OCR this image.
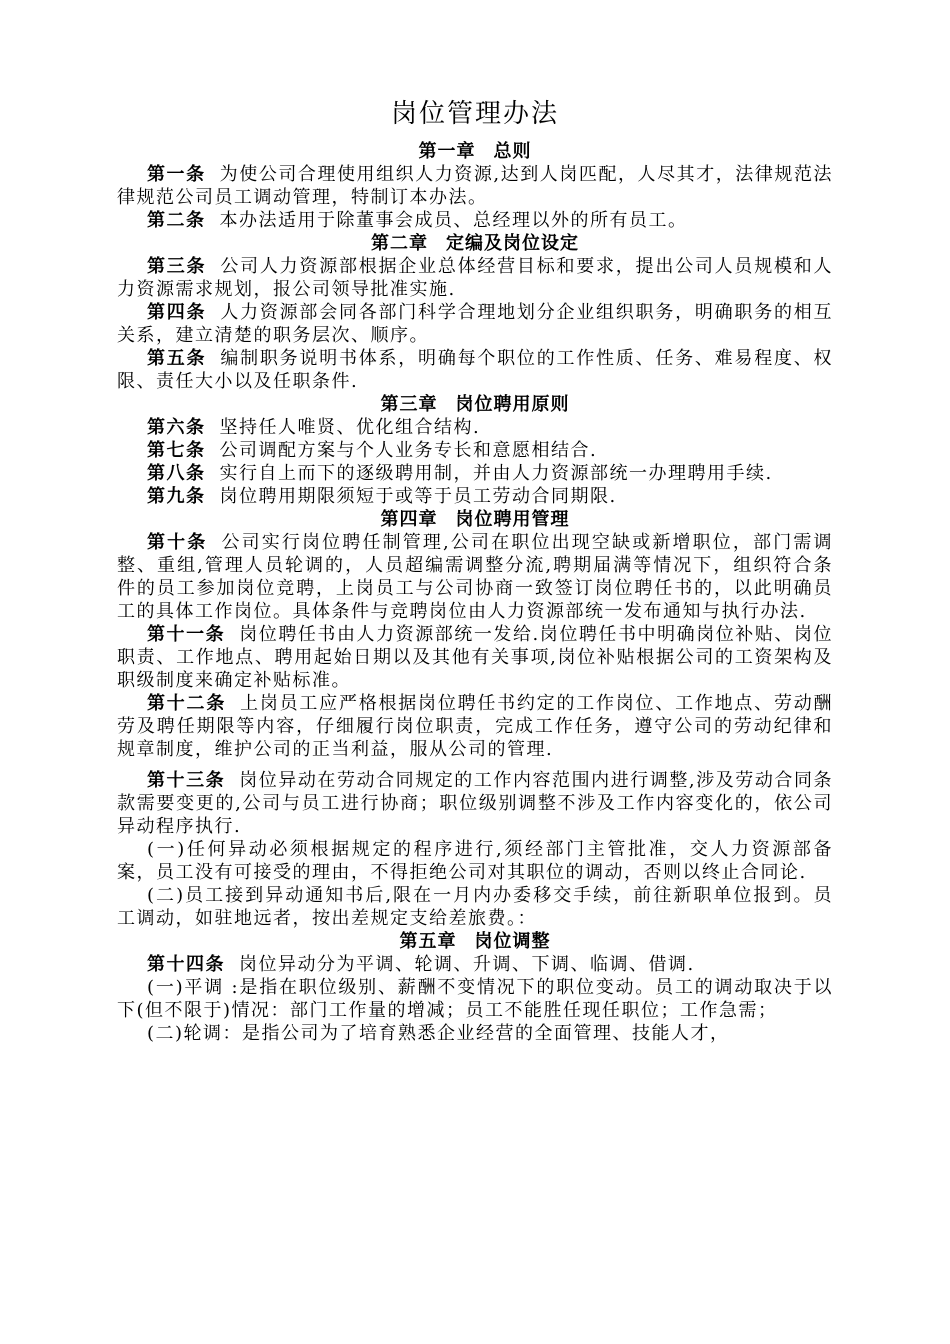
岗位管理办法

第一章 总则

第一条 为使公司合理使用组织人力资源,达到人岗匹配，人尽其才，法律规范法律规范公司员工调动管理，特制订本办法。

第二条 本办法适用于除董事会成员、总经理以外的所有员工。

第二章 定编及岗位设定

第三条 公司人力资源部根据企业总体经营目标和要求，提出公司人员规模和人力资源需求规划，报公司领导批准实施.

第四条 人力资源部会同各部门科学合理地划分企业组织职务，明确职务的相互关系，建立清楚的职务层次、顺序。

第五条 编制职务说明书体系，明确每个职位的工作性质、任务、难易程度、权限、责任大小以及任职条件.

第三章 岗位聘用原则

第六条 坚持任人唯贤、优化组合结构.

第七条 公司调配方案与个人业务专长和意愿相结合.

第八条 实行自上而下的逐级聘用制，并由人力资源部统一办理聘用手续.

第九条 岗位聘用期限须短于或等于员工劳动合同期限.

第四章 岗位聘用管理

第十条 公司实行岗位聘任制管理,公司在职位出现空缺或新增职位，部门需调整、重组,管理人员轮调的，人员超编需调整分流,聘期届满等情况下，组织符合条件的员工参加岗位竞聘，上岗员工与公司协商一致签订岗位聘任书的，以此明确员工的具体工作岗位。具体条件与竞聘岗位由人力资源部统一发布通知与执行办法.

第十一条 岗位聘任书由人力资源部统一发给.岗位聘任书中明确岗位补贴、岗位职责、工作地点、聘用起始日期以及其他有关事项,岗位补贴根据公司的工资架构及职级制度来确定补贴标准。

第十二条 上岗员工应严格根据岗位聘任书约定的工作岗位、工作地点、劳动酬劳及聘任期限等内容，仔细履行岗位职责，完成工作任务，遵守公司的劳动纪律和规章制度，维护公司的正当利益，服从公司的管理.

第十三条 岗位异动在劳动合同规定的工作内容范围内进行调整,涉及劳动合同条款需要变更的,公司与员工进行协商；职位级别调整不涉及工作内容变化的，依公司异动程序执行.

(一)任何异动必须根据规定的程序进行,须经部门主管批准，交人力资源部备案，员工没有可接受的理由，不得拒绝公司对其职位的调动，否则以终止合同论.

(二)员工接到异动通知书后,限在一月内办委移交手续，前往新职单位报到。员工调动，如驻地远者，按出差规定支给差旅费。：

第五章 岗位调整

第十四条 岗位异动分为平调、轮调、升调、下调、临调、借调.

(一)平调 :是指在职位级别、薪酬不变情况下的职位变动。员工的调动取决于以下(但不限于)情况：部门工作量的增减；员工不能胜任现任职位；工作急需；

(二)轮调：是指公司为了培育熟悉企业经营的全面管理、技能人才，
